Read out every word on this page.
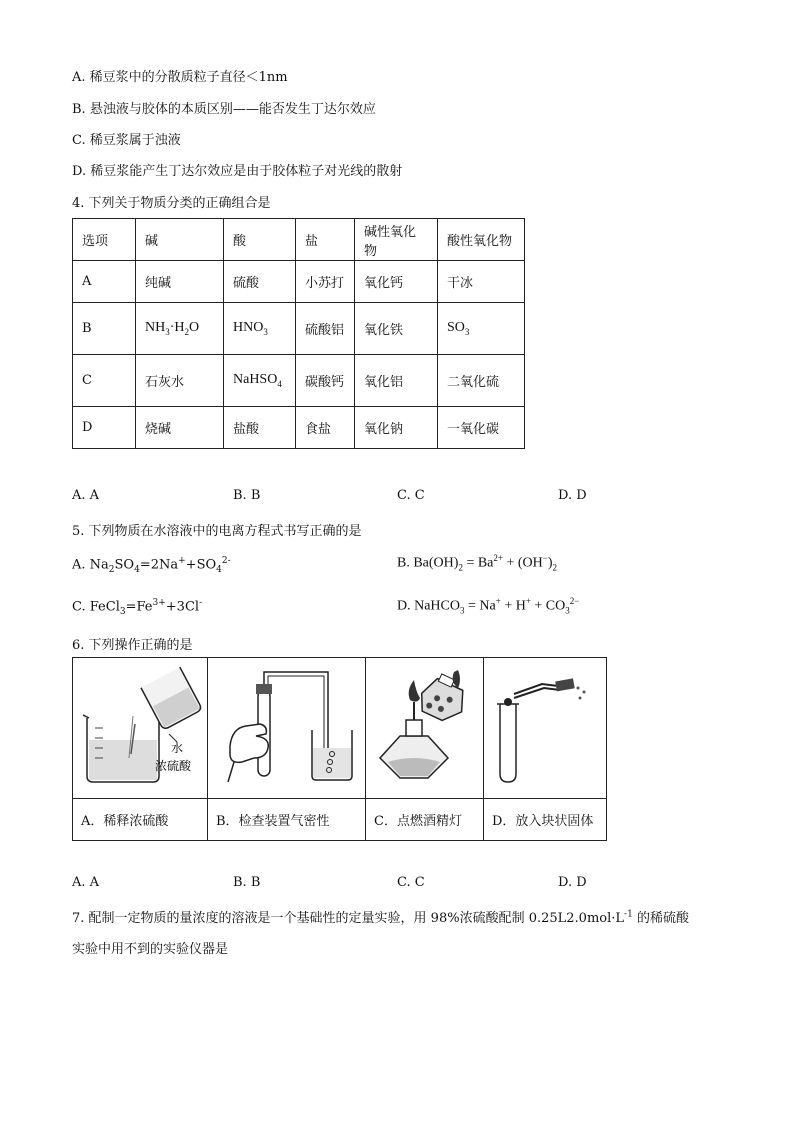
A. 稀豆浆中的分散质粒子直径＜1nm
B. 悬浊液与胶体的本质区别——能否发生丁达尔效应
C. 稀豆浆属于浊液
D. 稀豆浆能产生丁达尔效应是由于胶体粒子对光线的散射
4. 下列关于物质分类的正确组合是
选项	碱	酸	盐	碱性氧化物	酸性氧化物
A	纯碱	硫酸	小苏打	氧化钙	干冰
B	$NH_3\cdot H_2O$	$HNO_3$	硫酸铝	氧化铁	$SO_3$
C	石灰水	NaHSO$_4$	碳酸钙	氧化铝	二氧化硫
D	烧碱	盐酸	食盐	氧化钠	一氧化碳
A. A	B. B	C. C	D. D
5. 下列物质在水溶液中的电离方程式书写正确的是
A. $Na_2SO_4=2Na^++SO_4^{2-}$	B. $Ba(OH)_2 = Ba^{2+} + (OH^-)_2$
C. $FeCl_3=Fe^{3+}+3Cl^-$	D. NaHCO$_3$ = $Na^+ + H^+ + CO_3^{2-}$
6. 下列操作正确的是
水
浓硫酸

A．稀释浓硫酸	B．检查装置气密性	C．点燃酒精灯	D．放入块状固体
A. A	B. B	C. C	D. D
7. 配制一定物质的量浓度的溶液是一个基础性的定量实验，用 98%浓硫酸配制 $0.25L2.0mol\cdot L^{-1}$ 的稀硫酸
实验中用不到的实验仪器是
